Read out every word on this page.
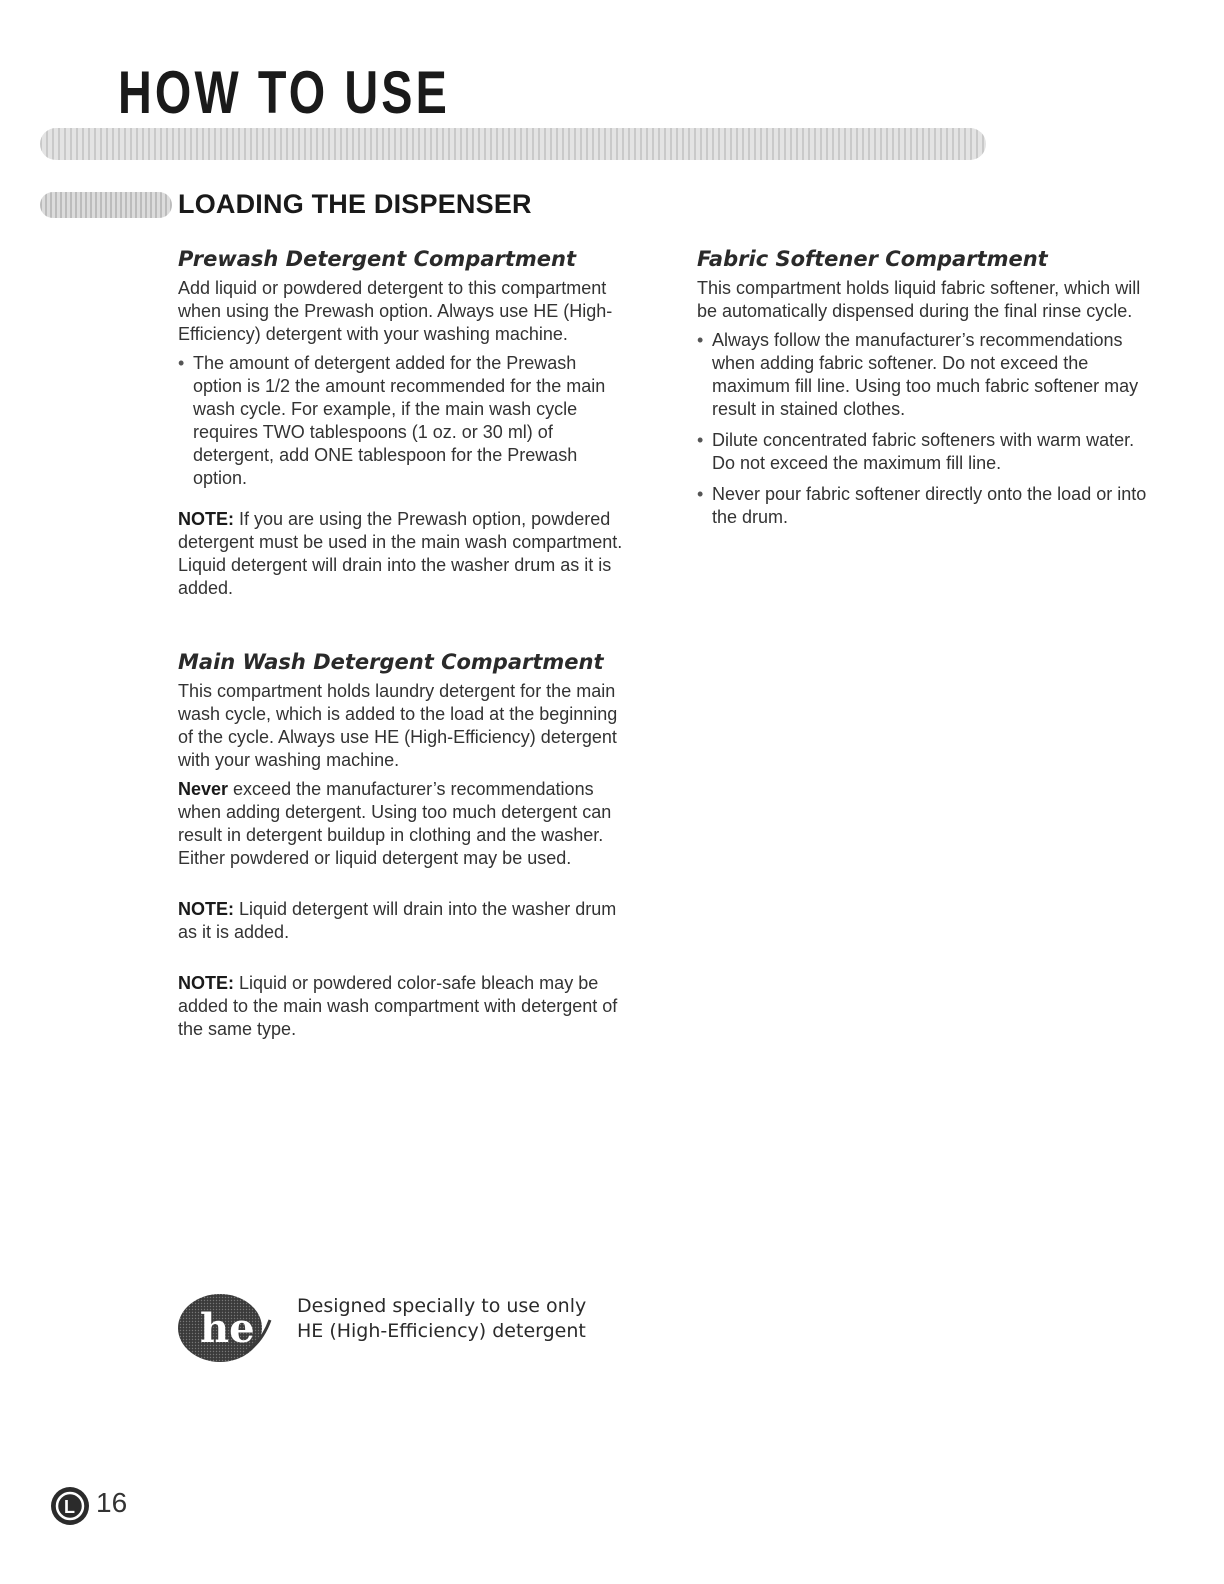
HOW TO USE
LOADING THE DISPENSER
Prewash Detergent Compartment

Add liquid or powdered detergent to this compartment when using the Prewash option. Always use HE (High-Efficiency) detergent with your washing machine.

• The amount of detergent added for the Prewash option is 1/2 the amount recommended for the main wash cycle. For example, if the main wash cycle requires TWO tablespoons (1 oz. or 30 ml) of detergent, add ONE tablespoon for the Prewash option.

NOTE: If you are using the Prewash option, powdered detergent must be used in the main wash compartment. Liquid detergent will drain into the washer drum as it is added.

Main Wash Detergent Compartment

This compartment holds laundry detergent for the main wash cycle, which is added to the load at the beginning of the cycle. Always use HE (High-Efficiency) detergent with your washing machine.

Never exceed the manufacturer’s recommendations when adding detergent. Using too much detergent can result in detergent buildup in clothing and the washer. Either powdered or liquid detergent may be used.

NOTE: Liquid detergent will drain into the washer drum as it is added.

NOTE: Liquid or powdered color-safe bleach may be added to the main wash compartment with detergent of the same type.

Fabric Softener Compartment

This compartment holds liquid fabric softener, which will be automatically dispensed during the final rinse cycle.

• Always follow the manufacturer’s recommendations when adding fabric softener. Do not exceed the maximum fill line. Using too much fabric softener may result in stained clothes.
• Dilute concentrated fabric softeners with warm water. Do not exceed the maximum fill line.
• Never pour fabric softener directly onto the load or into the drum.
he Designed specially to use only
HE (High-Efficiency) detergent
L 16
